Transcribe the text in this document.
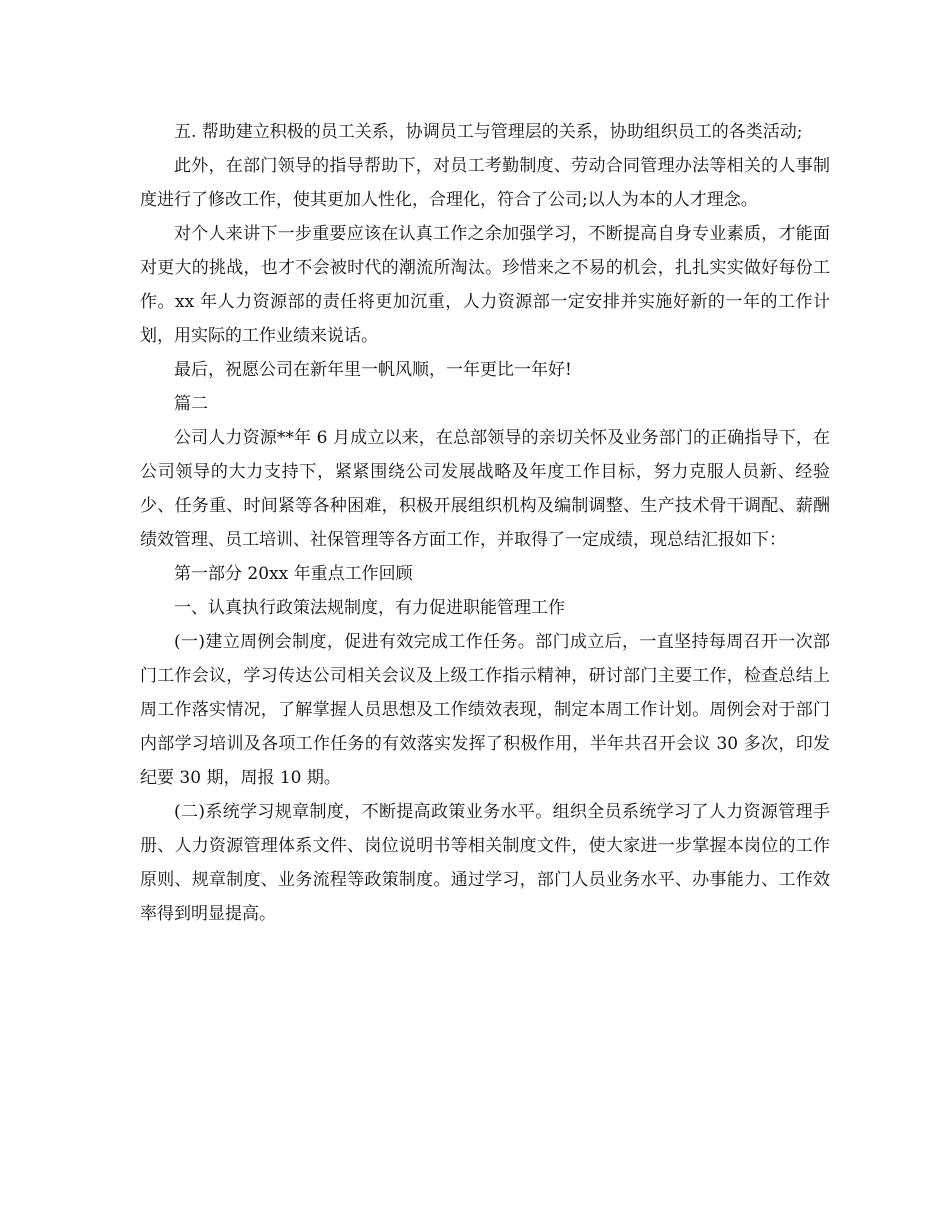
五. 帮助建立积极的员工关系，协调员工与管理层的关系，协助组织员工的各类活动;

此外，在部门领导的指导帮助下，对员工考勤制度、劳动合同管理办法等相关的人事制度进行了修改工作，使其更加人性化，合理化，符合了公司;以人为本的人才理念。

对个人来讲下一步重要应该在认真工作之余加强学习，不断提高自身专业素质，才能面对更大的挑战，也才不会被时代的潮流所淘汰。珍惜来之不易的机会，扎扎实实做好每份工作。xx 年人力资源部的责任将更加沉重，人力资源部一定安排并实施好新的一年的工作计划，用实际的工作业绩来说话。

最后，祝愿公司在新年里一帆风顺，一年更比一年好!

篇二

公司人力资源**年 6 月成立以来，在总部领导的亲切关怀及业务部门的正确指导下，在公司领导的大力支持下，紧紧围绕公司发展战略及年度工作目标，努力克服人员新、经验少、任务重、时间紧等各种困难，积极开展组织机构及编制调整、生产技术骨干调配、薪酬绩效管理、员工培训、社保管理等各方面工作，并取得了一定成绩，现总结汇报如下：

第一部分 20xx 年重点工作回顾

一、认真执行政策法规制度，有力促进职能管理工作

(一)建立周例会制度，促进有效完成工作任务。部门成立后，一直坚持每周召开一次部门工作会议，学习传达公司相关会议及上级工作指示精神，研讨部门主要工作，检查总结上周工作落实情况，了解掌握人员思想及工作绩效表现，制定本周工作计划。周例会对于部门内部学习培训及各项工作任务的有效落实发挥了积极作用，半年共召开会议 30 多次，印发纪要 30 期，周报 10 期。

(二)系统学习规章制度，不断提高政策业务水平。组织全员系统学习了人力资源管理手册、人力资源管理体系文件、岗位说明书等相关制度文件，使大家进一步掌握本岗位的工作原则、规章制度、业务流程等政策制度。通过学习，部门人员业务水平、办事能力、工作效率得到明显提高。
